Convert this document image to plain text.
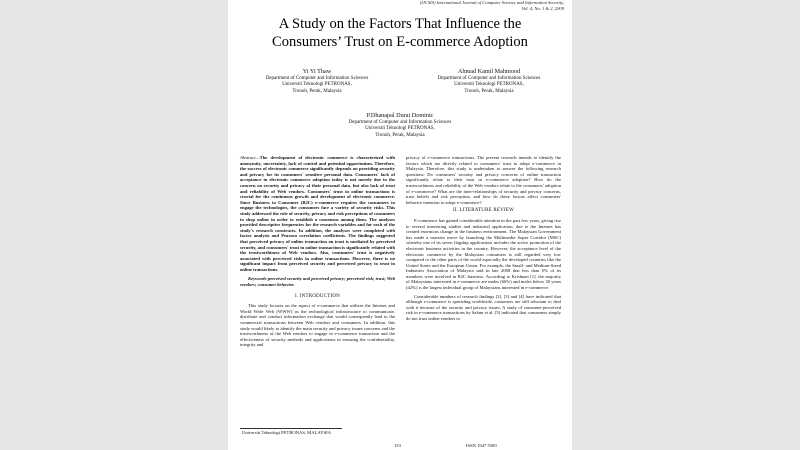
(IJCSIS) International Journal of Computer Science and Information Security,
Vol. 4, No. 1 & 2, 2009
A Study on the Factors That Influence the
Consumers’ Trust on E-commerce Adoption
Yi Yi Thaw
Department of Computer and Information Sciences
Universiti Teknologi PETRONAS,
Tronoh, Perak, Malaysia
Ahmad Kamil Mahmood
Department of Computer and Information Sciences
Universiti Teknologi PETRONAS,
Tronoh, Perak, Malaysia
P.Dhanapal Durai Dominic
Department of Computer and Information Sciences
Universiti Teknologi PETRONAS,
Tronoh, Perak, Malaysia

Abstract—The development of electronic commerce is characterized with anonymity, uncertainty, lack of control and potential opportunism. Therefore, the success of electronic commerce significantly depends on providing security and privacy for its consumers' sensitive personal data. Consumers' lack of acceptance in electronic commerce adoption today is not merely due to the concern on security and privacy of their personal data, but also lack of trust and reliability of Web vendors. Consumers' trust in online transactions is crucial for the continuous growth and development of electronic commerce. Since Business to Consumer (B2C) e-commerce requires the consumers to engage the technologies, the consumers face a variety of security risks. This study addressed the role of security, privacy and risk perceptions of consumers to shop online in order to establish a consensus among them. The analyses provided descriptive frequencies for the research variables and for each of the study's research constructs. In addition, the analyses were completed with factor analysis and Pearson correlation coefficients. The findings suggested that perceived privacy of online transaction on trust is mediated by perceived security, and consumers' trust in online transaction is significantly related with the trustworthiness of Web vendors. Also, consumers' trust is negatively associated with perceived risks in online transactions. However, there is no significant impact from perceived security and perceived privacy to trust in online transactions.

Keywords-perceived security and perceived privacy; perceived risk; trust; Web vendors; consumer behavior.

I. INTRODUCTION

This study focuses on the aspect of e-commerce that utilizes the Internet and World Wide Web (WWW) as the technological infrastructure to communicate, distribute and conduct information exchange that would consequently lead to the commercial transactions between Web vendors and consumers. In addition, this study would likely to identify the main security and privacy issues concerns and the trustworthiness of the Web vendors to engage in e-commerce transaction and the effectiveness of security methods and applications in ensuring the confidentiality, integrity and

privacy of e-commerce transactions. The present research intends to identify the factors which are directly related to consumers' trust to adopt e-commerce in Malaysia. Therefore, this study is undertaken to answer the following research questions: Do consumers' security and privacy concerns of online transaction significantly relate to their trust in e-commerce adoption? How do the trustworthiness and reliability of the Web vendors relate to the consumers' adoption of e-commerce? What are the inter-relationships of security and privacy concerns, trust beliefs and risk perception, and how do these factors affect consumers' behavior intention to adopt e-commerce?

II. LITERATURE REVIEW

E-commerce has gained considerable attention in the past few years, giving rise to several interesting studies and industrial application, due to the Internet has created enormous change in the business environment. The Malaysian Government has made a massive move by launching the Multimedia Super Corridor (MSC) whereby one of its seven flagship applications includes the active promotion of the electronic business activities in the country. However, the acceptance level of the electronic commerce by the Malaysian consumers is still regarded very low compared to the other parts of the world especially the developed countries like the United States and the European Union. For example, the Small- and Medium-Sized Industries Association of Malaysia said in late 2008 that less than 5% of its members were involved in B2C business. According to Krishnan [1], the majority of Malaysians interested in e-commerce are males (66%) and males below 30 years (42%) is the largest individual group of Malaysians interested in e-commerce.

Considerable numbers of research findings [2], [3] and [4] have indicated that although e-commerce is spreading worldwide, customers are still reluctant to deal with it because of the security and privacy issues. A study of consumer-perceived risk in e-commerce transactions by Salam et al. [5] indicated that consumers simply do not trust online vendors to

Universiti Teknologi PETRONAS, MALAYSIA
153	ISSN 1947 5500
